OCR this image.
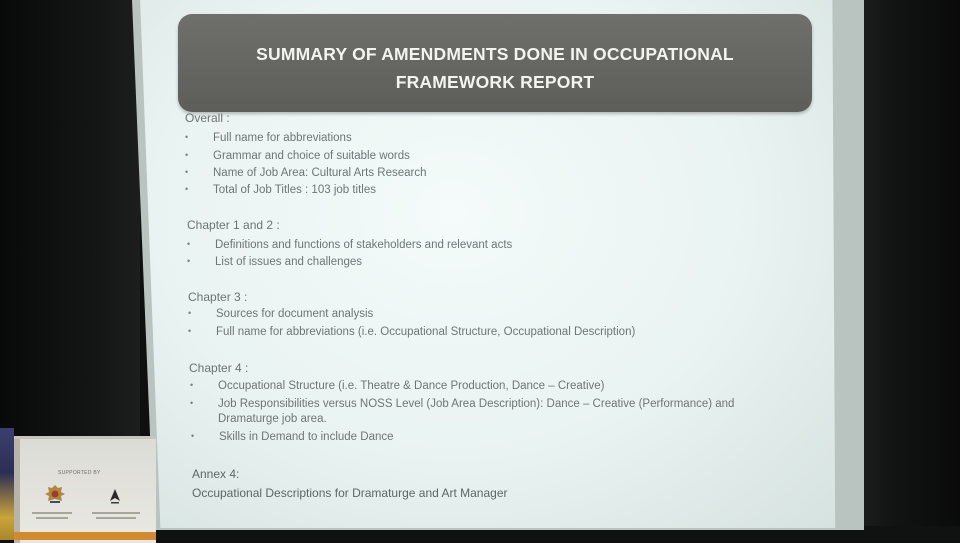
SUMMARY OF AMENDMENTS DONE IN OCCUPATIONAL
FRAMEWORK REPORT
Overall :
• Full name for abbreviations
• Grammar and choice of suitable words
• Name of Job Area: Cultural Arts Research
• Total of Job Titles : 103 job titles
Chapter 1 and 2 :
• Definitions and functions of stakeholders and relevant acts
• List of issues and challenges
Chapter 3 :
• Sources for document analysis
• Full name for abbreviations (i.e. Occupational Structure, Occupational Description)
Chapter 4 :
• Occupational Structure (i.e. Theatre & Dance Production, Dance – Creative)
• Job Responsibilities versus NOSS Level (Job Area Description): Dance – Creative (Performance) and
Dramaturge job area.
• Skills in Demand to include Dance
Annex 4:
Occupational Descriptions for Dramaturge and Art Manager
SUPPORTED BY
